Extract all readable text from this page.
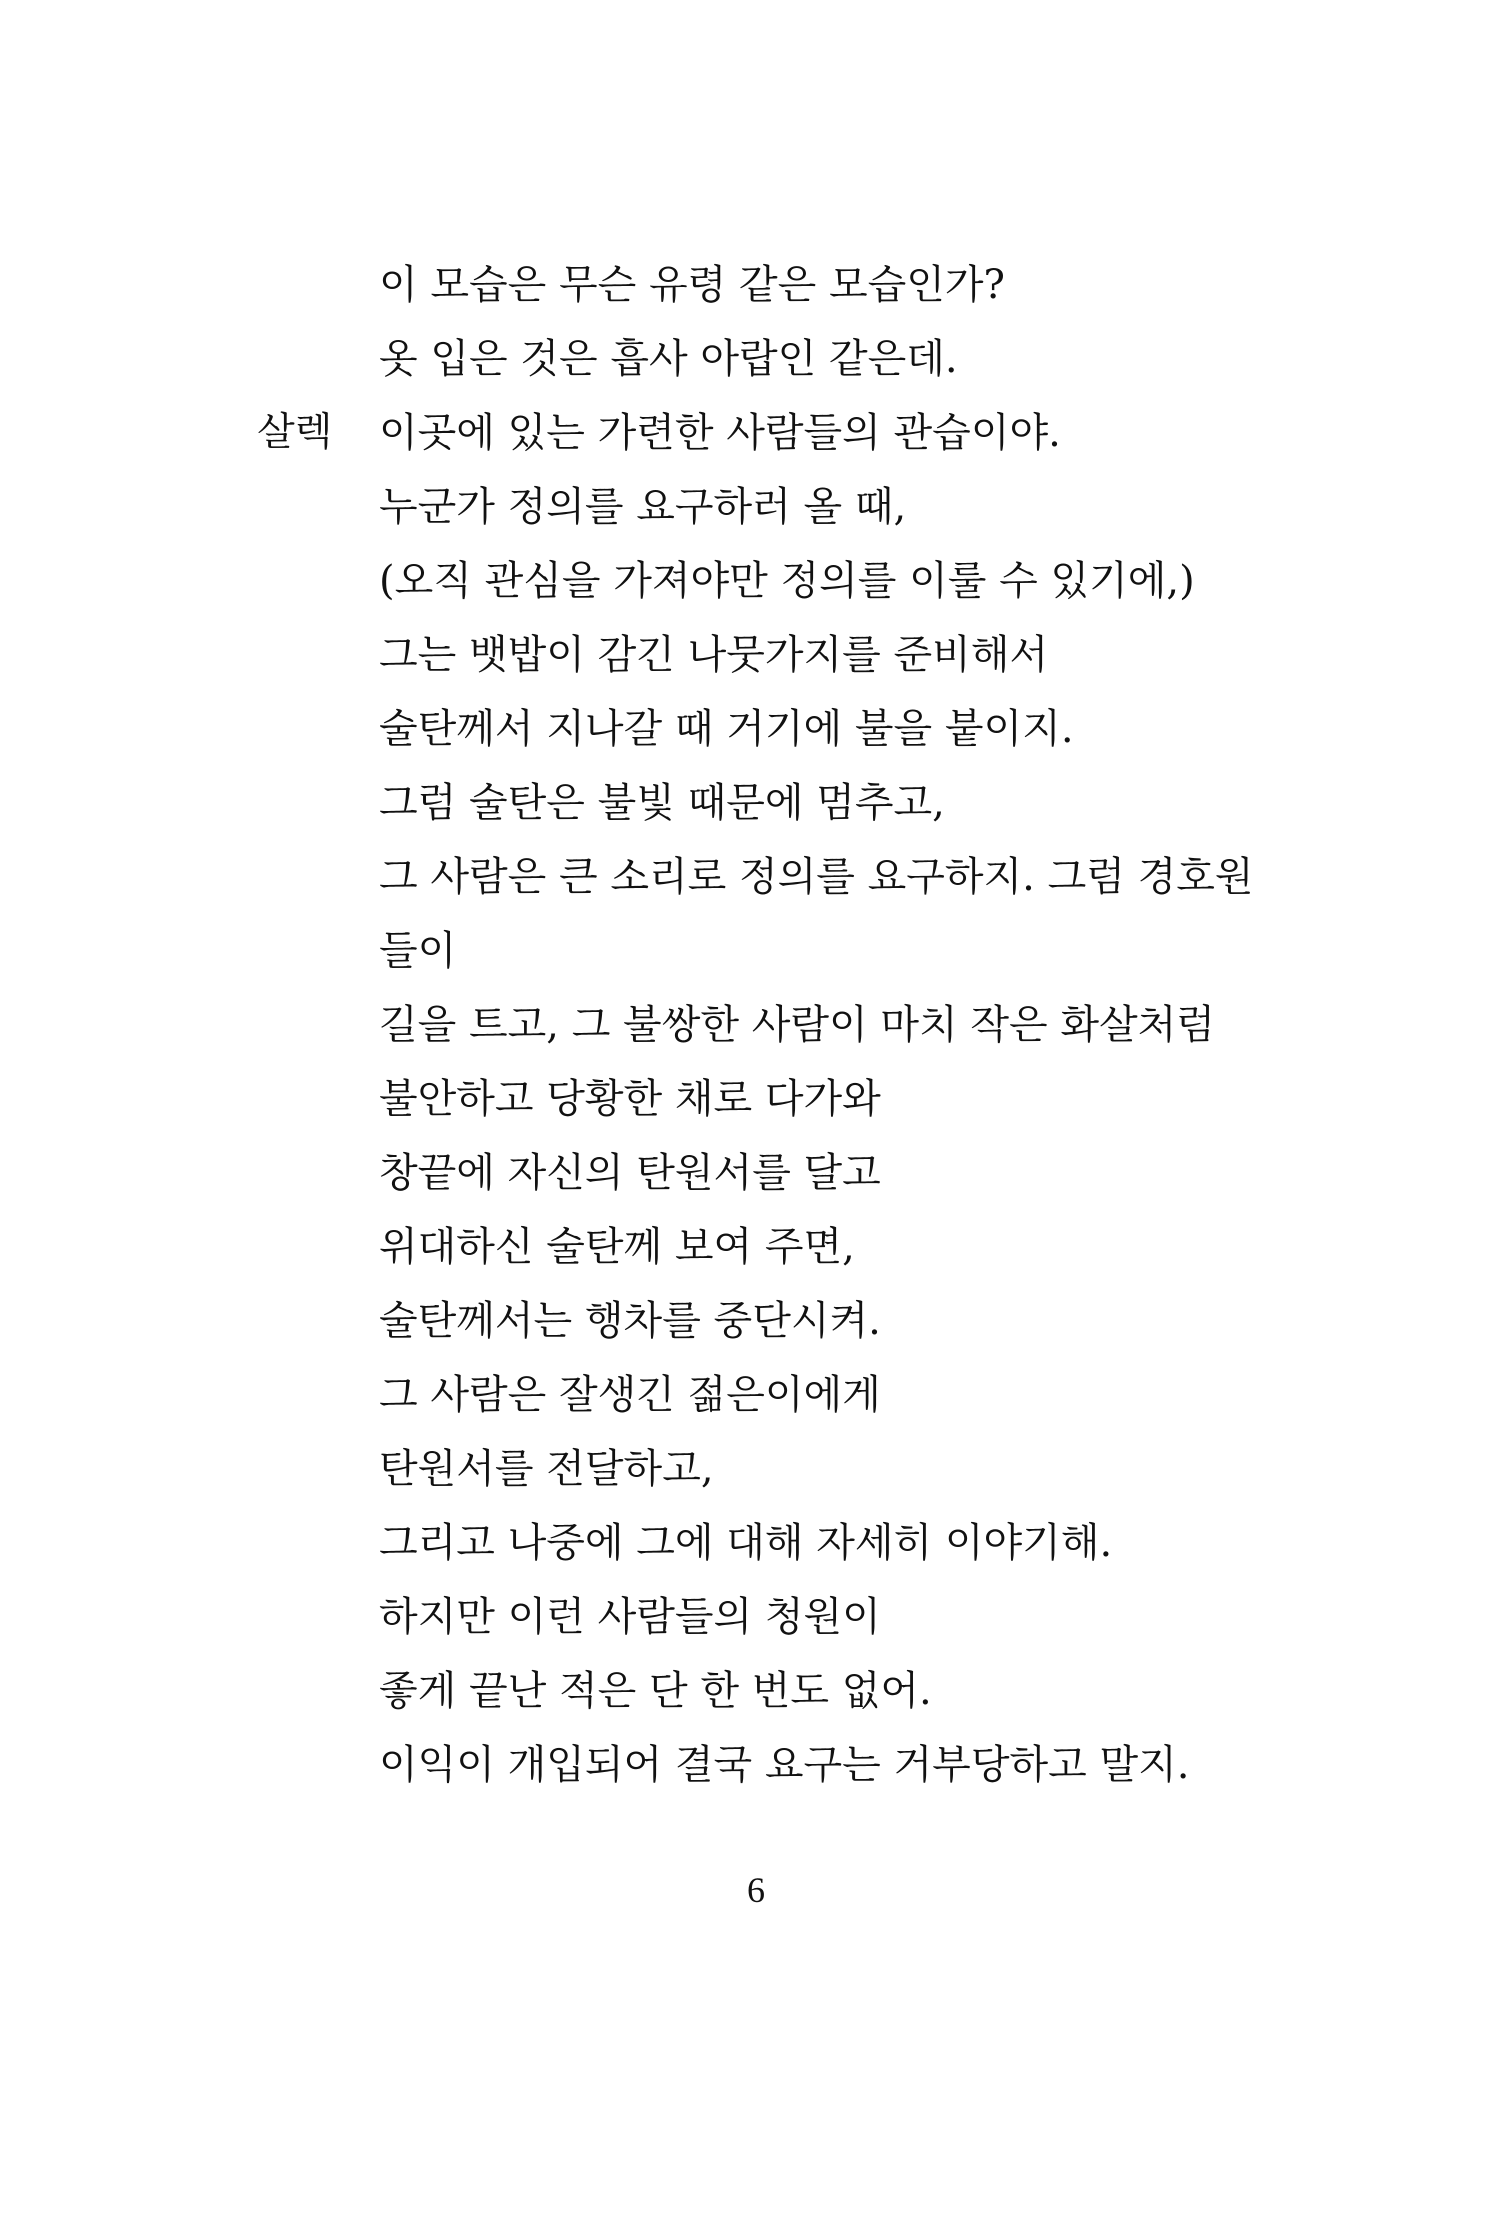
이 모습은 무슨 유령 같은 모습인가?
옷 입은 것은 흡사 아랍인 같은데.
살렉 이곳에 있는 가련한 사람들의 관습이야.
누군가 정의를 요구하러 올 때,
(오직 관심을 가져야만 정의를 이룰 수 있기에,)
그는 뱃밥이 감긴 나뭇가지를 준비해서
술탄께서 지나갈 때 거기에 불을 붙이지.
그럼 술탄은 불빛 때문에 멈추고,
그 사람은 큰 소리로 정의를 요구하지. 그럼 경호원
들이
길을 트고, 그 불쌍한 사람이 마치 작은 화살처럼
불안하고 당황한 채로 다가와
창끝에 자신의 탄원서를 달고
위대하신 술탄께 보여 주면,
술탄께서는 행차를 중단시켜.
그 사람은 잘생긴 젊은이에게
탄원서를 전달하고,
그리고 나중에 그에 대해 자세히 이야기해.
하지만 이런 사람들의 청원이
좋게 끝난 적은 단 한 번도 없어.
이익이 개입되어 결국 요구는 거부당하고 말지.
6
